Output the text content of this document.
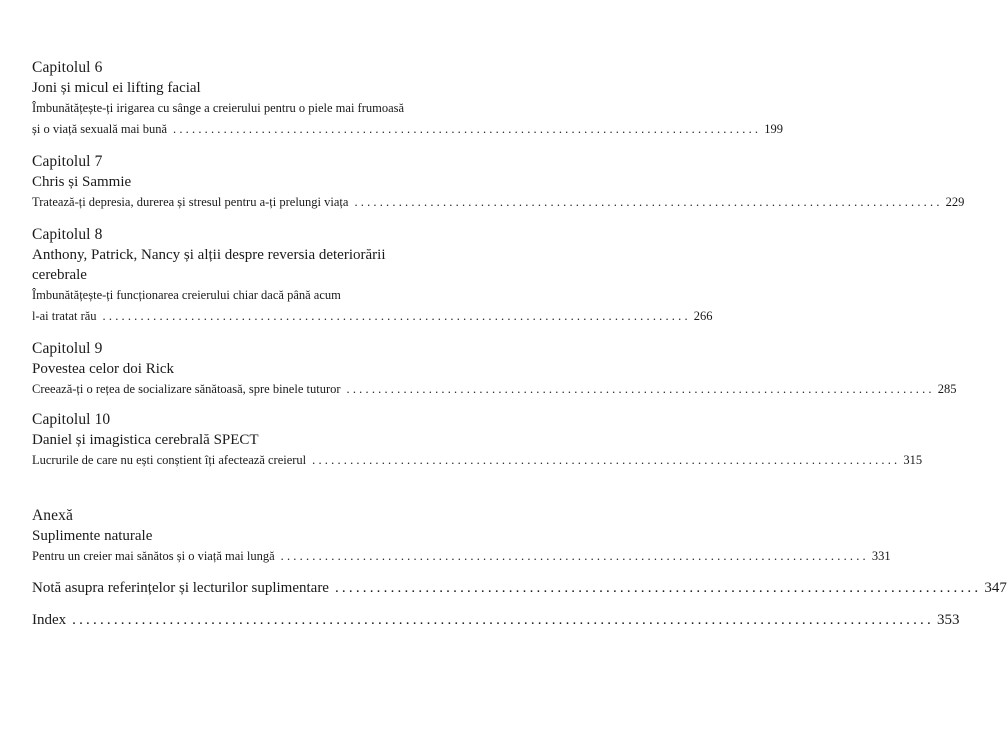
Capitolul 6
Joni și micul ei lifting facial
Îmbunătățește-ți irigarea cu sânge a creierului pentru o piele mai frumoasă
și o viață sexuală mai bună ............................................................................................. 199
Capitolul 7
Chris și Sammie
Tratează-ți depresia, durerea și stresul pentru a-ți prelungi viața ............................................................................................. 229
Capitolul 8
Anthony, Patrick, Nancy și alții despre reversia deteriorării
cerebrale
Îmbunătățește-ți funcționarea creierului chiar dacă până acum
l-ai tratat rău ............................................................................................. 266
Capitolul 9
Povestea celor doi Rick
Creează-ți o rețea de socializare sănătoasă, spre binele tuturor ............................................................................................. 285
Capitolul 10
Daniel și imagistica cerebrală SPECT
Lucrurile de care nu ești conștient îți afectează creierul ............................................................................................. 315
Anexă
Suplimente naturale
Pentru un creier mai sănătos și o viață mai lungă ............................................................................................. 331
Notă asupra referințelor și lecturilor suplimentare ............................................................................................. 347
Index ............................................................................................................................ 353
